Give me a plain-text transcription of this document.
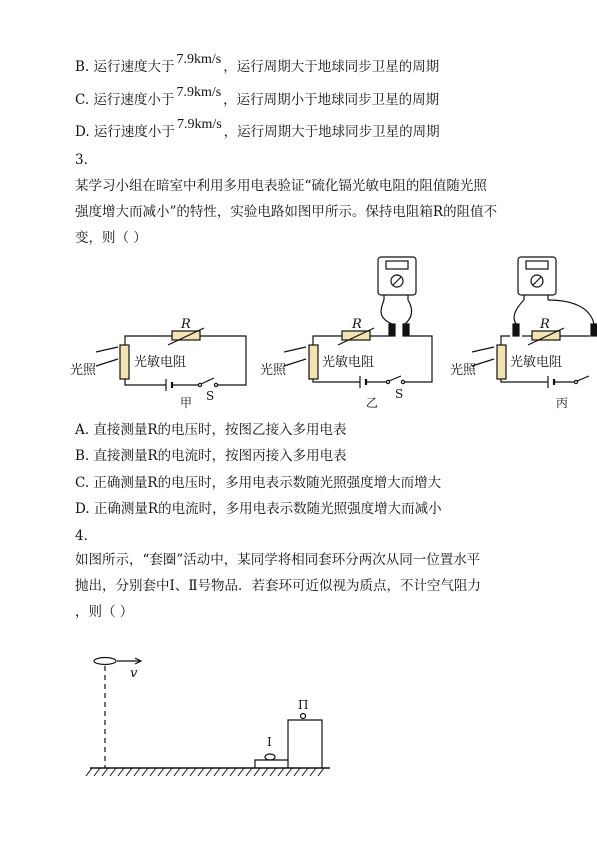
B. 运行速度大于 7.9km/s ，运行周期大于地球同步卫星的周期
C. 运行速度小于 7.9km/s ，运行周期小于地球同步卫星的周期
D. 运行速度小于 7.9km/s ，运行周期大于地球同步卫星的周期
3.
某学习小组在暗室中利用多用电表验证“硫化镉光敏电阻的阻值随光照
强度增大而减小”的特性，实验电路如图甲所示。保持电阻箱R的阻值不
变，则（ ）
R
光照
光敏电阻
S
甲
R
光照
光敏电阻
S
乙
R
光照
光敏电阻
丙
A. 直接测量R的电压时，按图乙接入多用电表
B. 直接测量R的电流时，按图丙接入多用电表
C. 正确测量R的电压时，多用电表示数随光照强度增大而增大
D. 正确测量R的电流时，多用电表示数随光照强度增大而减小
4.
如图所示，“套圈”活动中，某同学将相同套环分两次从同一位置水平
抛出，分别套中Ⅰ、Ⅱ号物品．若套环可近似视为质点，不计空气阻力
，则（ ）
v
Ⅰ
Π
